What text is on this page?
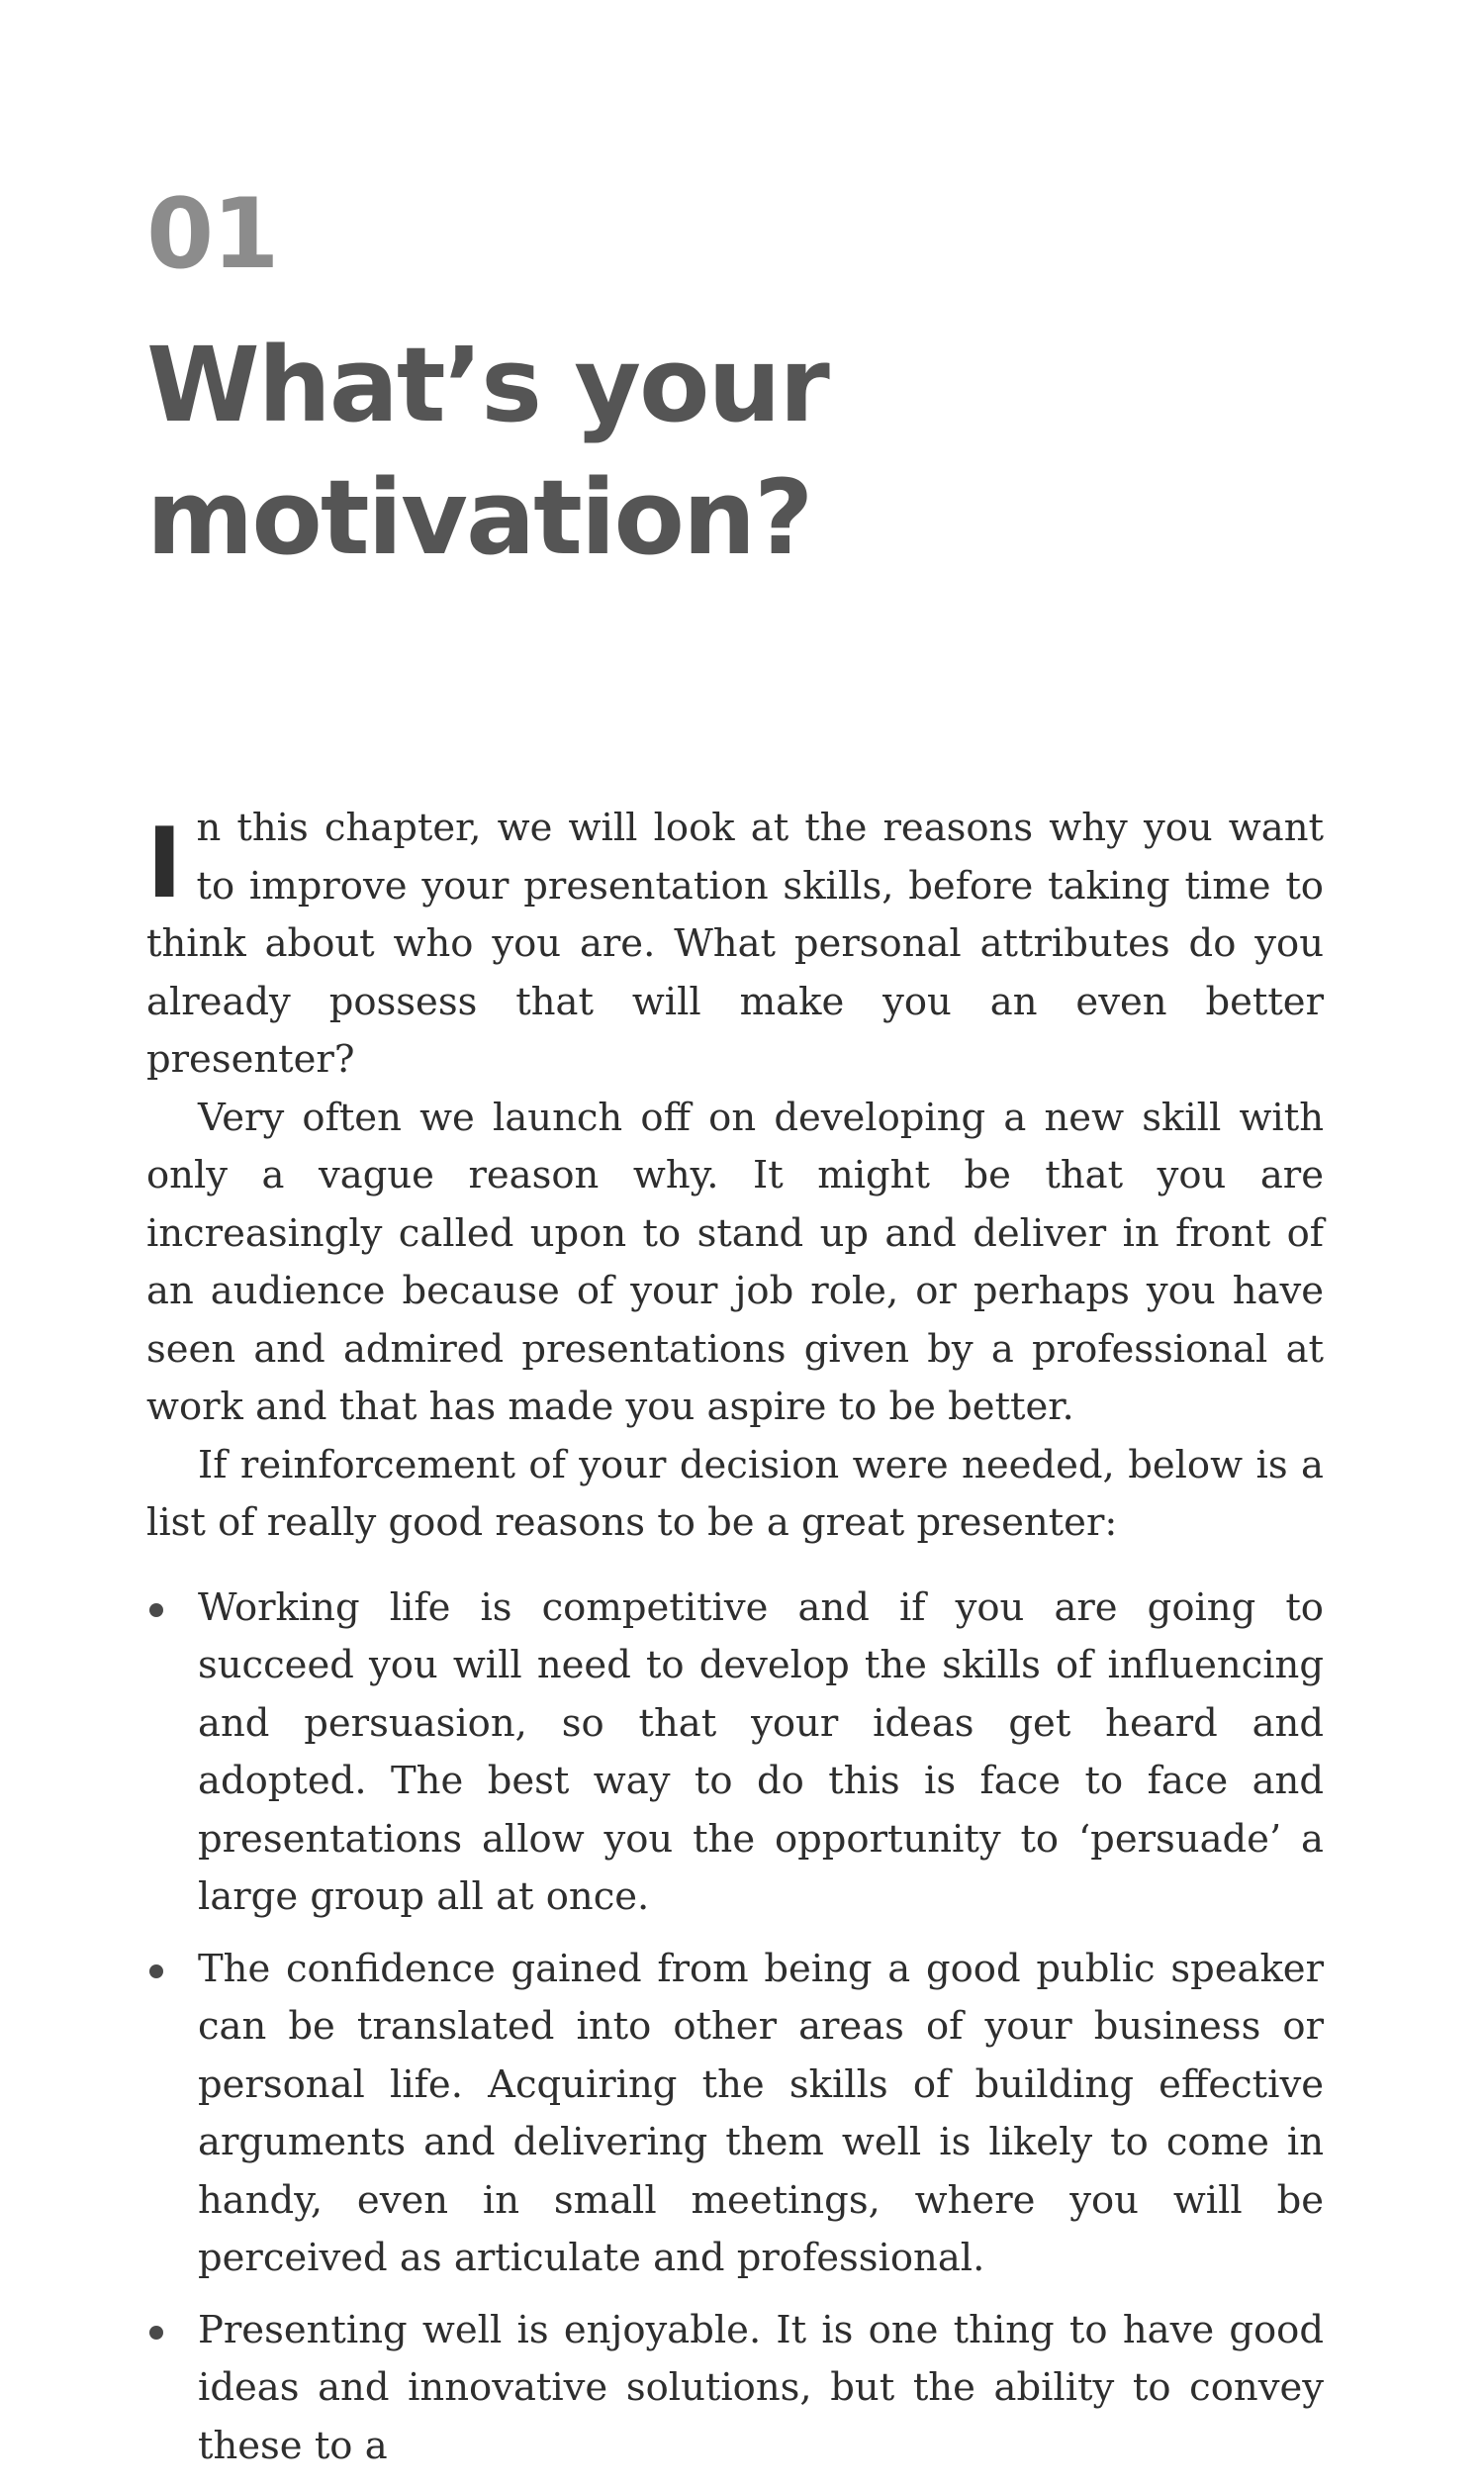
01
What’s your motivation?

In this chapter, we will look at the reasons why you want to improve your presentation skills, before taking time to think about who you are. What personal attributes do you already possess that will make you an even better presenter?

Very often we launch off on developing a new skill with only a vague reason why. It might be that you are increasingly called upon to stand up and deliver in front of an audience because of your job role, or perhaps you have seen and admired presentations given by a professional at work and that has made you aspire to be better.

If reinforcement of your decision were needed, below is a list of really good reasons to be a great presenter:

Working life is competitive and if you are going to succeed you will need to develop the skills of influencing and persuasion, so that your ideas get heard and adopted. The best way to do this is face to face and presentations allow you the opportunity to ‘persuade’ a large group all at once.
The confidence gained from being a good public speaker can be translated into other areas of your business or personal life. Acquiring the skills of building effective arguments and delivering them well is likely to come in handy, even in small meetings, where you will be perceived as articulate and professional.
Presenting well is enjoyable. It is one thing to have good ideas and innovative solutions, but the ability to convey these to a
